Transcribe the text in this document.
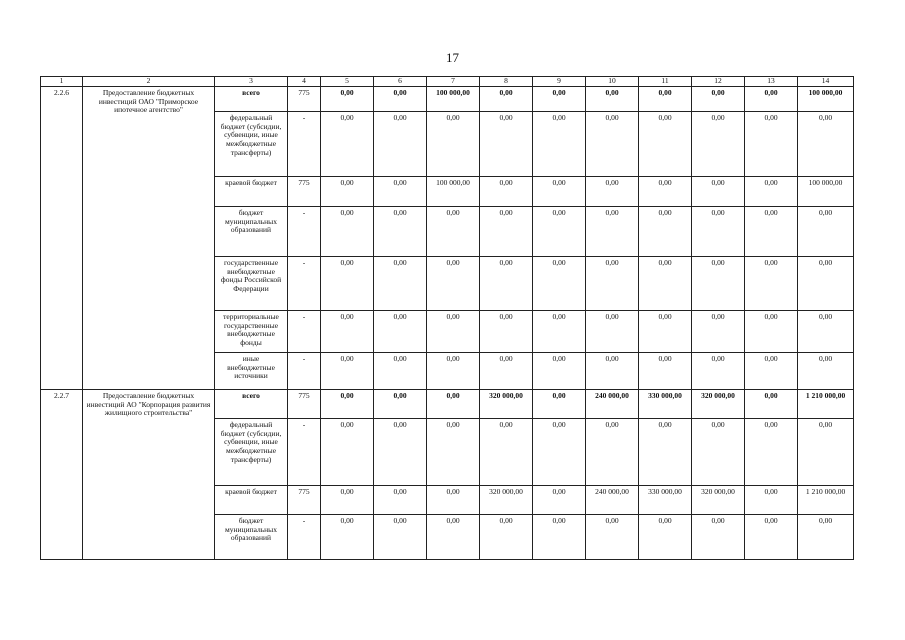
17
1	2	3	4	5	6	7	8	9	10	11	12	13	14
2.2.6	Предоставление бюджетных инвестиций ОАО "Приморское ипотечное агентство"	всего	775	0,00	0,00	100 000,00	0,00	0,00	0,00	0,00	0,00	0,00	100 000,00
		федеральный бюджет (субсидии, субвенции, иные межбюджетные трансферты)	-	0,00	0,00	0,00	0,00	0,00	0,00	0,00	0,00	0,00	0,00
		краевой бюджет	775	0,00	0,00	100 000,00	0,00	0,00	0,00	0,00	0,00	0,00	100 000,00
		бюджет муниципальных образований	-	0,00	0,00	0,00	0,00	0,00	0,00	0,00	0,00	0,00	0,00
		государственные внебюджетные фонды Российской Федерации	-	0,00	0,00	0,00	0,00	0,00	0,00	0,00	0,00	0,00	0,00
		территориальные государственные внебюджетные фонды	-	0,00	0,00	0,00	0,00	0,00	0,00	0,00	0,00	0,00	0,00
		иные внебюджетные источники	-	0,00	0,00	0,00	0,00	0,00	0,00	0,00	0,00	0,00	0,00
2.2.7	Предоставление бюджетных инвестиций АО "Корпорация развития жилищного строительства"	всего	775	0,00	0,00	0,00	320 000,00	0,00	240 000,00	330 000,00	320 000,00	0,00	1 210 000,00
		федеральный бюджет (субсидии, субвенции, иные межбюджетные трансферты)	-	0,00	0,00	0,00	0,00	0,00	0,00	0,00	0,00	0,00	0,00
		краевой бюджет	775	0,00	0,00	0,00	320 000,00	0,00	240 000,00	330 000,00	320 000,00	0,00	1 210 000,00
		бюджет муниципальных образований	-	0,00	0,00	0,00	0,00	0,00	0,00	0,00	0,00	0,00	0,00
